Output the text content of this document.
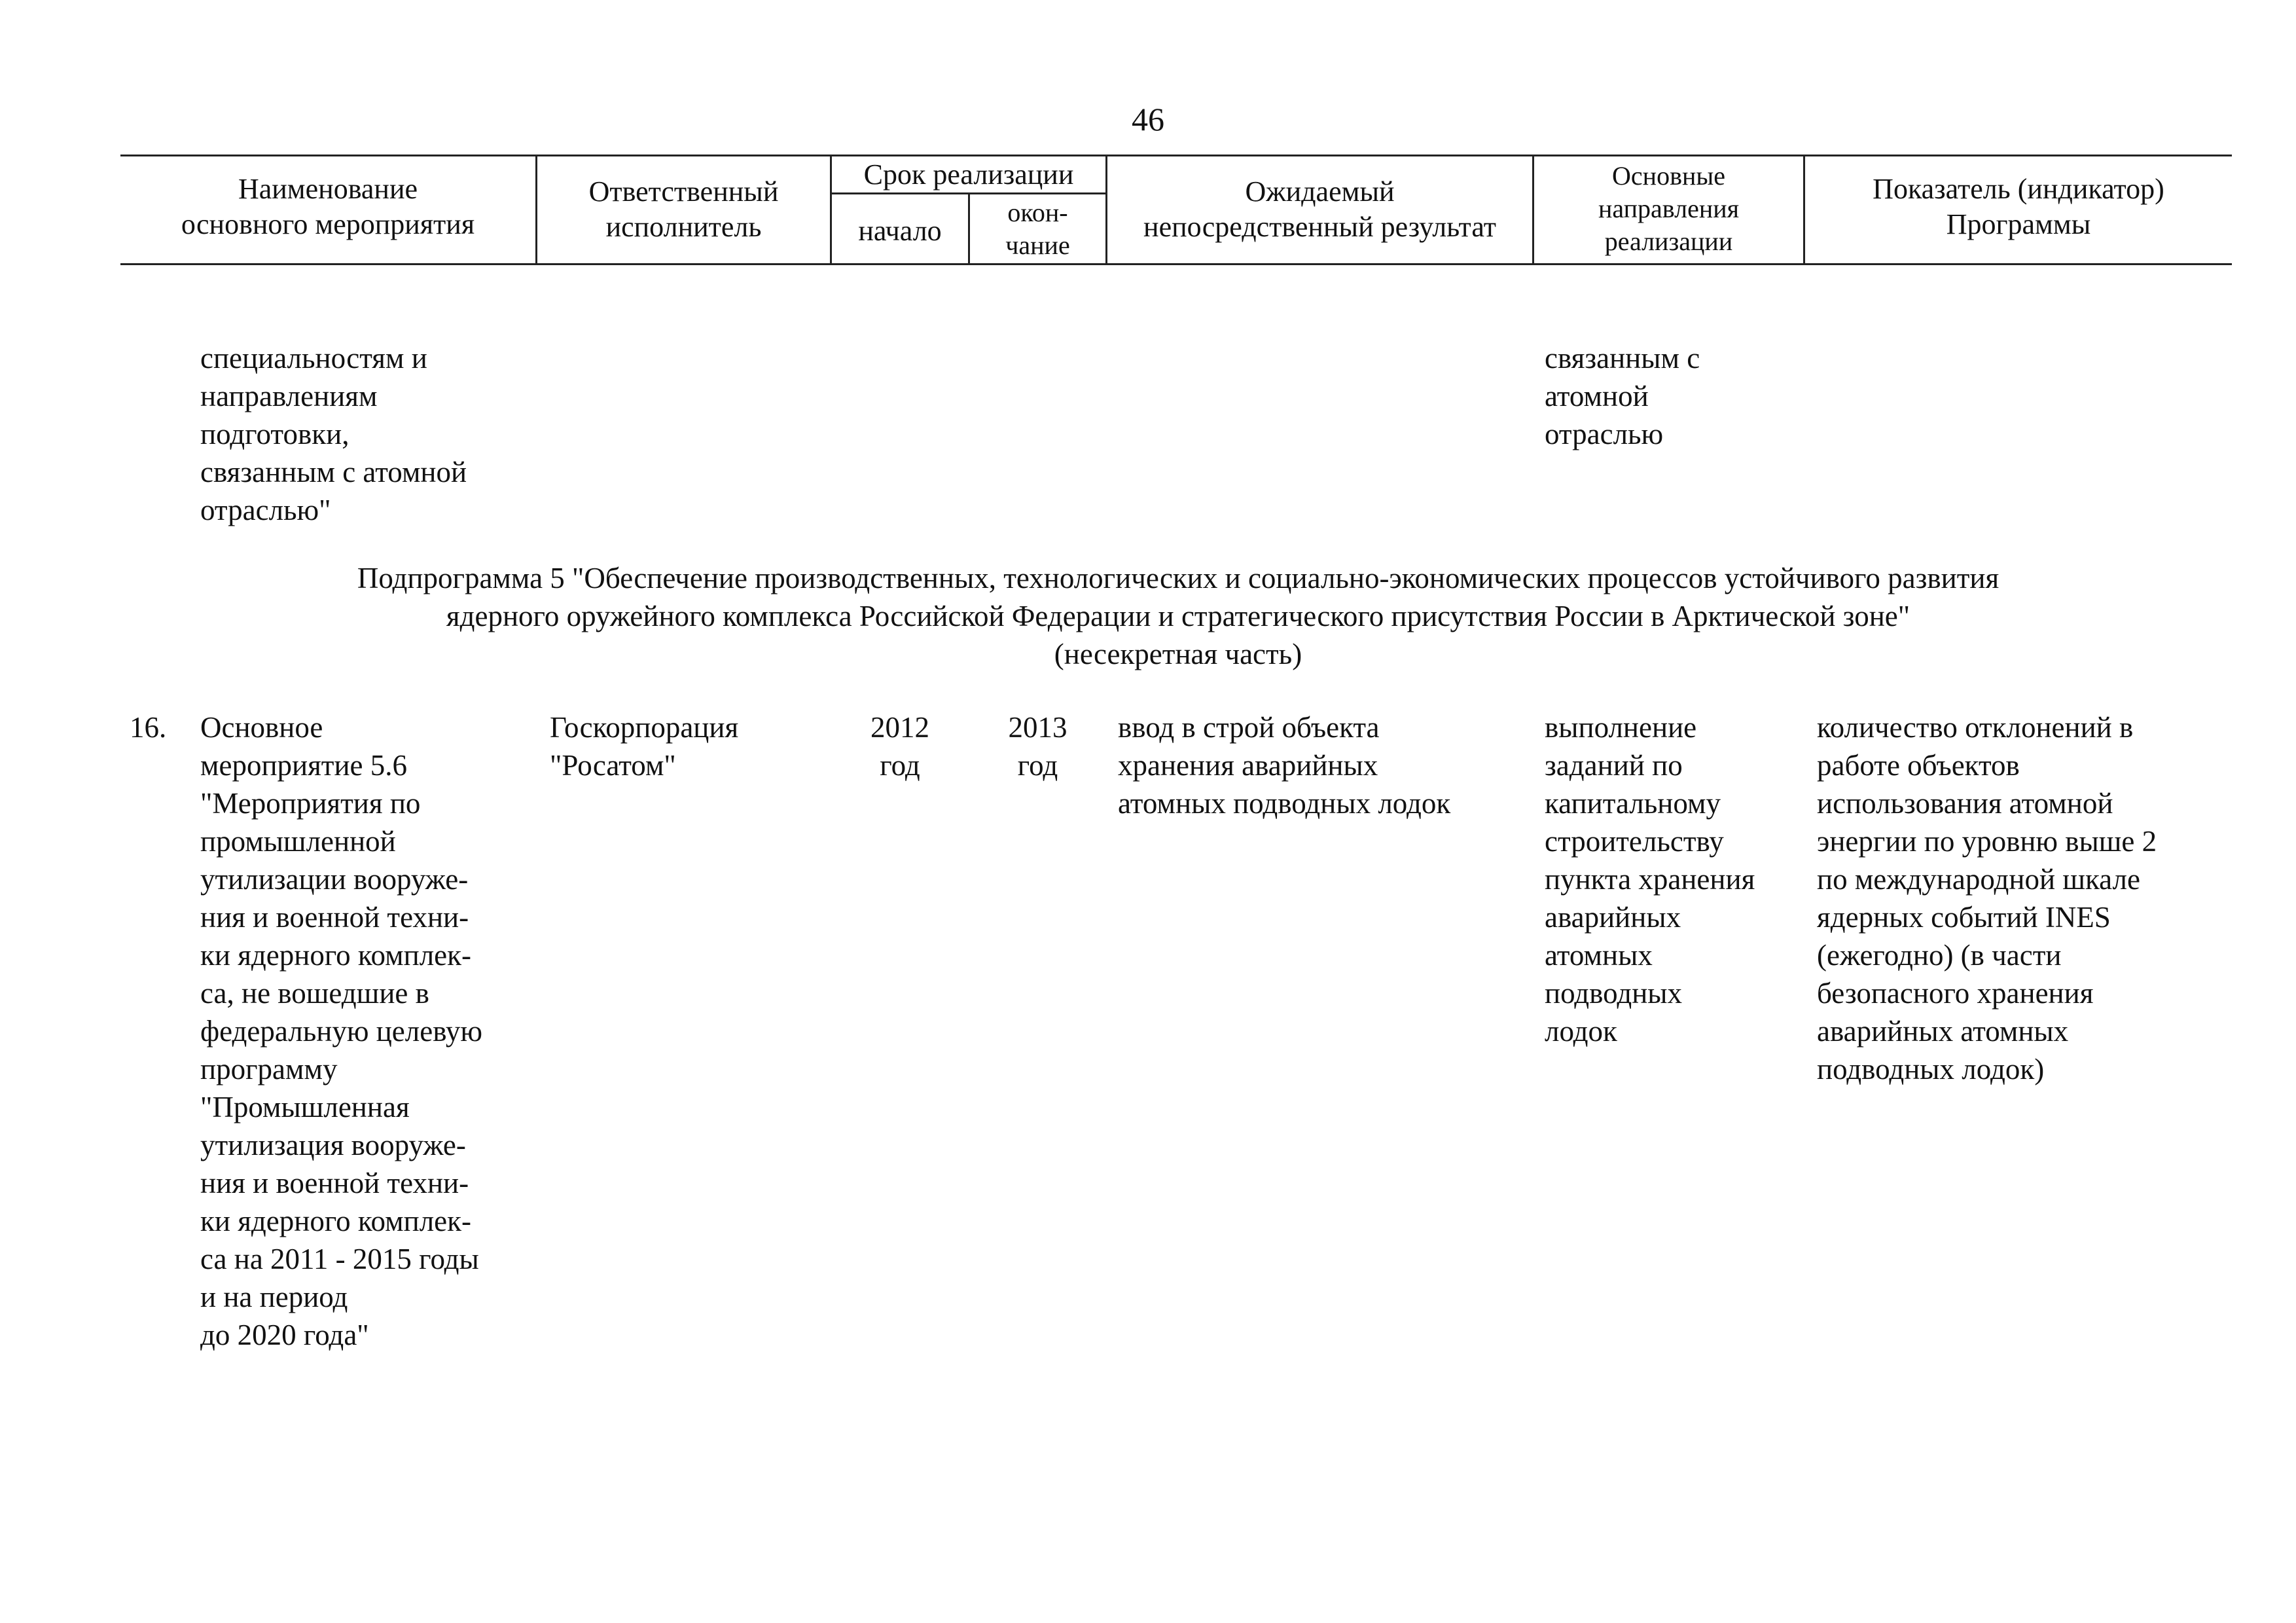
46
Наименование
основного мероприятия
Ответственный
исполнитель
Срок реализации
начало
окон-
чание
Ожидаемый
непосредственный результат
Основные
направления
реализации
Показатель (индикатор)
Программы
специальностям и
направлениям
подготовки,
связанным с атомной
отраслью"
связанным с
атомной
отраслью
Подпрограмма 5 "Обеспечение производственных, технологических и социально-экономических процессов устойчивого развития
ядерного оружейного комплекса Российской Федерации и стратегического присутствия России в Арктической зоне"
(несекретная часть)
16. Основное
мероприятие 5.6
"Мероприятия по
промышленной
утилизации вооруже-
ния и военной техни-
ки ядерного комплек-
са, не вошедшие в
федеральную целевую
программу
"Промышленная
утилизация вооруже-
ния и военной техни-
ки ядерного комплек-
са на 2011 - 2015 годы
и на период
до 2020 года"
Госкорпорация
"Росатом"
2012
год
2013
год
ввод в строй объекта
хранения аварийных
атомных подводных лодок
выполнение
заданий по
капитальному
строительству
пункта хранения
аварийных
атомных
подводных
лодок
количество отклонений в
работе объектов
использования атомной
энергии по уровню выше 2
по международной шкале
ядерных событий INES
(ежегодно) (в части
безопасного хранения
аварийных атомных
подводных лодок)
